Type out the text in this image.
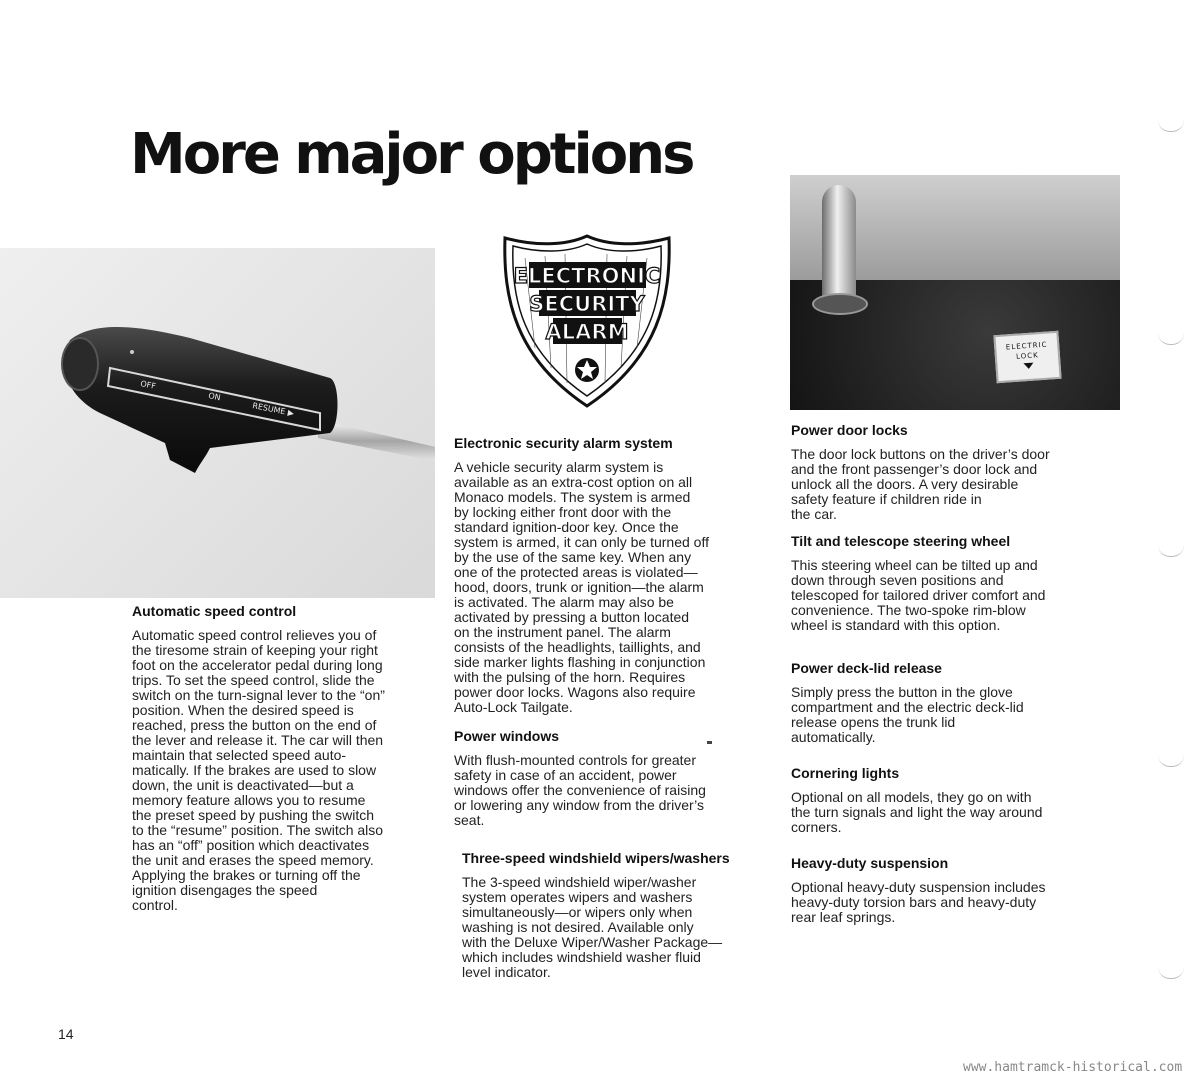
More major options
OFF
ON
RESUME ▶
ELECTRONIC
SECURITY
ALARM
ELECTRIC
LOCK
Automatic speed control

Automatic speed control relieves you of
the tiresome strain of keeping your right
foot on the accelerator pedal during long
trips. To set the speed control, slide the
switch on the turn-signal lever to the “on”
position. When the desired speed is
reached, press the button on the end of
the lever and release it. The car will then
maintain that selected speed auto-
matically. If the brakes are used to slow
down, the unit is deactivated—but a
memory feature allows you to resume
the preset speed by pushing the switch
to the “resume” position. The switch also
has an “off” position which deactivates
the unit and erases the speed memory.
Applying the brakes or turning off the
ignition disengages the speed
control.

Electronic security alarm system

A vehicle security alarm system is
available as an extra-cost option on all
Monaco models. The system is armed
by locking either front door with the
standard ignition-door key. Once the
system is armed, it can only be turned off
by the use of the same key. When any
one of the protected areas is violated—
hood, doors, trunk or ignition—the alarm
is activated. The alarm may also be
activated by pressing a button located
on the instrument panel. The alarm
consists of the headlights, taillights, and
side marker lights flashing in conjunction
with the pulsing of the horn. Requires
power door locks. Wagons also require
Auto-Lock Tailgate.

Power windows

With flush-mounted controls for greater
safety in case of an accident, power
windows offer the convenience of raising
or lowering any window from the driver’s
seat.

Three-speed windshield wipers/washers

The 3-speed windshield wiper/washer
system operates wipers and washers
simultaneously—or wipers only when
washing is not desired. Available only
with the Deluxe Wiper/Washer Package—
which includes windshield washer fluid
level indicator.

Power door locks

The door lock buttons on the driver’s door
and the front passenger’s door lock and
unlock all the doors. A very desirable
safety feature if children ride in
the car.

Tilt and telescope steering wheel

This steering wheel can be tilted up and
down through seven positions and
telescoped for tailored driver comfort and
convenience. The two-spoke rim-blow
wheel is standard with this option.

Power deck-lid release

Simply press the button in the glove
compartment and the electric deck-lid
release opens the trunk lid
automatically.

Cornering lights

Optional on all models, they go on with
the turn signals and light the way around
corners.

Heavy-duty suspension

Optional heavy-duty suspension includes
heavy-duty torsion bars and heavy-duty
rear leaf springs.

14
www.hamtramck-historical.com
